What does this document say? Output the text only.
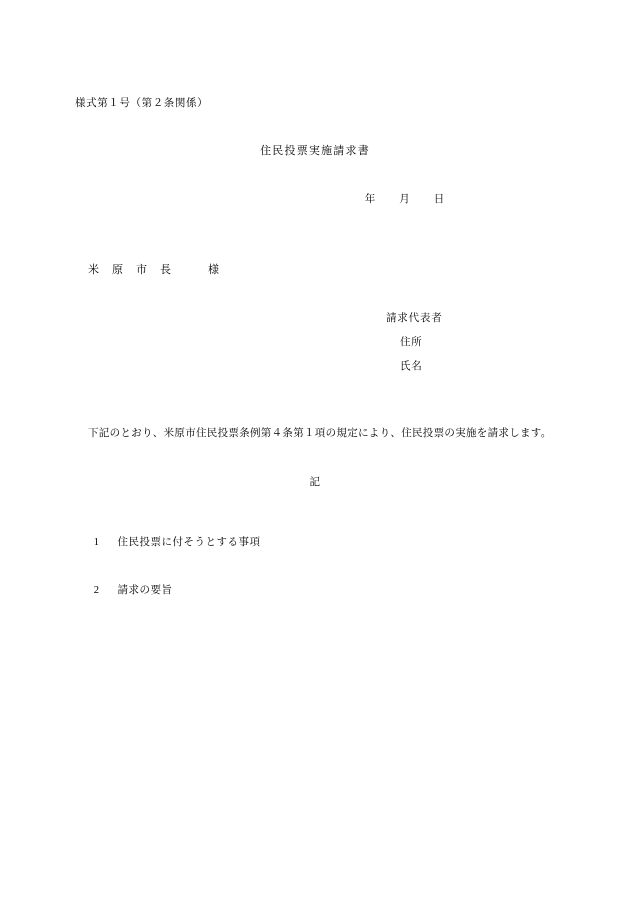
様式第１号（第２条関係）
住民投票実施請求書
年　　月　　日
米　原　市　長　　　様
請求代表者
住所
氏名
下記のとおり、米原市住民投票条例第４条第１項の規定により、住民投票の実施を請求します。
記

1 住民投票に付そうとする事項

2 請求の要旨
